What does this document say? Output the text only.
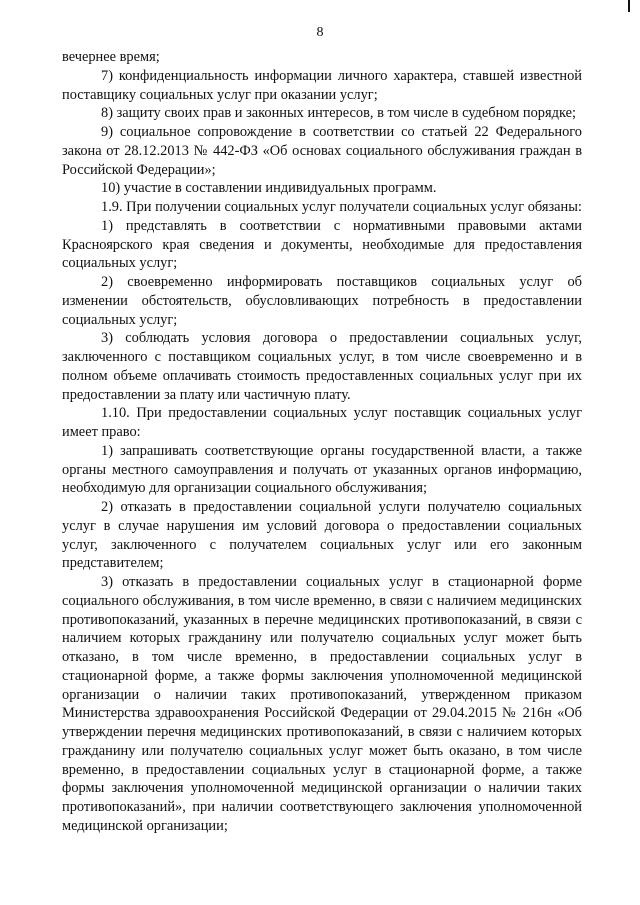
8

вечернее время;

7) конфиденциальность информации личного характера, ставшей известной поставщику социальных услуг при оказании услуг;

8) защиту своих прав и законных интересов, в том числе в судебном порядке;

9) социальное сопровождение в соответствии со статьей 22 Федерального закона от 28.12.2013 № 442-ФЗ «Об основах социального обслуживания граждан в Российской Федерации»;

10) участие в составлении индивидуальных программ.

1.9. При получении социальных услуг получатели социальных услуг обязаны:

1) представлять в соответствии с нормативными правовыми актами Красноярского края сведения и документы, необходимые для предоставления социальных услуг;

2) своевременно информировать поставщиков социальных услуг об изменении обстоятельств, обусловливающих потребность в предоставлении социальных услуг;

3) соблюдать условия договора о предоставлении социальных услуг, заключенного с поставщиком социальных услуг, в том числе своевременно и в полном объеме оплачивать стоимость предоставленных социальных услуг при их предоставлении за плату или частичную плату.

1.10. При предоставлении социальных услуг поставщик социальных услуг имеет право:

1) запрашивать соответствующие органы государственной власти, а также органы местного самоуправления и получать от указанных органов информацию, необходимую для организации социального обслуживания;

2) отказать в предоставлении социальной услуги получателю социальных услуг в случае нарушения им условий договора о предоставлении социальных услуг, заключенного с получателем социальных услуг или его законным представителем;

3) отказать в предоставлении социальных услуг в стационарной форме социального обслуживания, в том числе временно, в связи с наличием медицинских противопоказаний, указанных в перечне медицинских противопоказаний, в связи с наличием которых гражданину или получателю социальных услуг может быть отказано, в том числе временно, в предоставлении социальных услуг в стационарной форме, а также формы заключения уполномоченной медицинской организации о наличии таких противопоказаний, утвержденном приказом Министерства здравоохранения Российской Федерации от 29.04.2015 № 216н «Об утверждении перечня медицинских противопоказаний, в связи с наличием которых гражданину или получателю социальных услуг может быть оказано, в том числе временно, в предоставлении социальных услуг в стационарной форме, а также формы заключения уполномоченной медицинской организации о наличии таких противопоказаний», при наличии соответствующего заключения уполномоченной медицинской организации;
